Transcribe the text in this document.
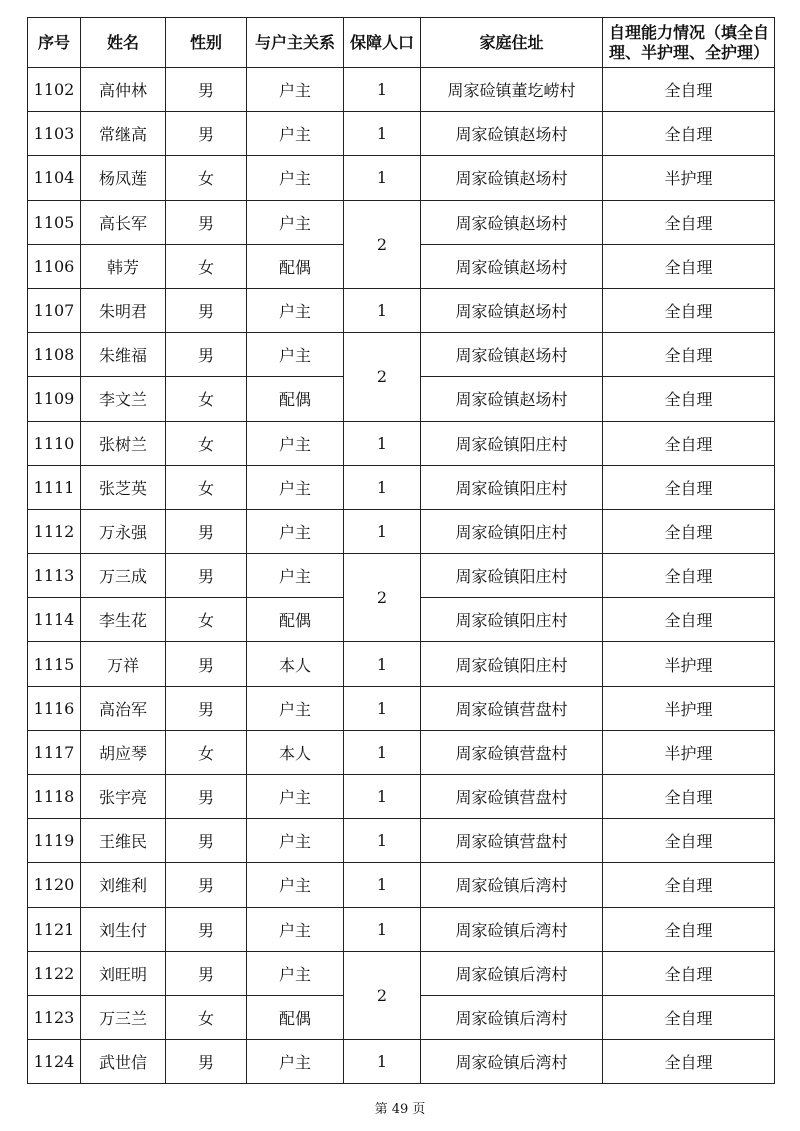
序号	姓名	性别	与户主关系	保障人口	家庭住址	自理能力情况（填全自理、半护理、全护理）
1102	高仲林	男	户主	1	周家硷镇董圪崂村	全自理
1103	常继高	男	户主	1	周家硷镇赵场村	全自理
1104	杨凤莲	女	户主	1	周家硷镇赵场村	半护理
1105	高长军	男	户主	2	周家硷镇赵场村	全自理
1106	韩芳	女	配偶		周家硷镇赵场村	全自理
1107	朱明君	男	户主	1	周家硷镇赵场村	全自理
1108	朱维福	男	户主	2	周家硷镇赵场村	全自理
1109	李文兰	女	配偶		周家硷镇赵场村	全自理
1110	张树兰	女	户主	1	周家硷镇阳庄村	全自理
1111	张芝英	女	户主	1	周家硷镇阳庄村	全自理
1112	万永强	男	户主	1	周家硷镇阳庄村	全自理
1113	万三成	男	户主	2	周家硷镇阳庄村	全自理
1114	李生花	女	配偶		周家硷镇阳庄村	全自理
1115	万祥	男	本人	1	周家硷镇阳庄村	半护理
1116	高治军	男	户主	1	周家硷镇营盘村	半护理
1117	胡应琴	女	本人	1	周家硷镇营盘村	半护理
1118	张宇亮	男	户主	1	周家硷镇营盘村	全自理
1119	王维民	男	户主	1	周家硷镇营盘村	全自理
1120	刘维利	男	户主	1	周家硷镇后湾村	全自理
1121	刘生付	男	户主	1	周家硷镇后湾村	全自理
1122	刘旺明	男	户主	2	周家硷镇后湾村	全自理
1123	万三兰	女	配偶		周家硷镇后湾村	全自理
1124	武世信	男	户主	1	周家硷镇后湾村	全自理
第 49 页
